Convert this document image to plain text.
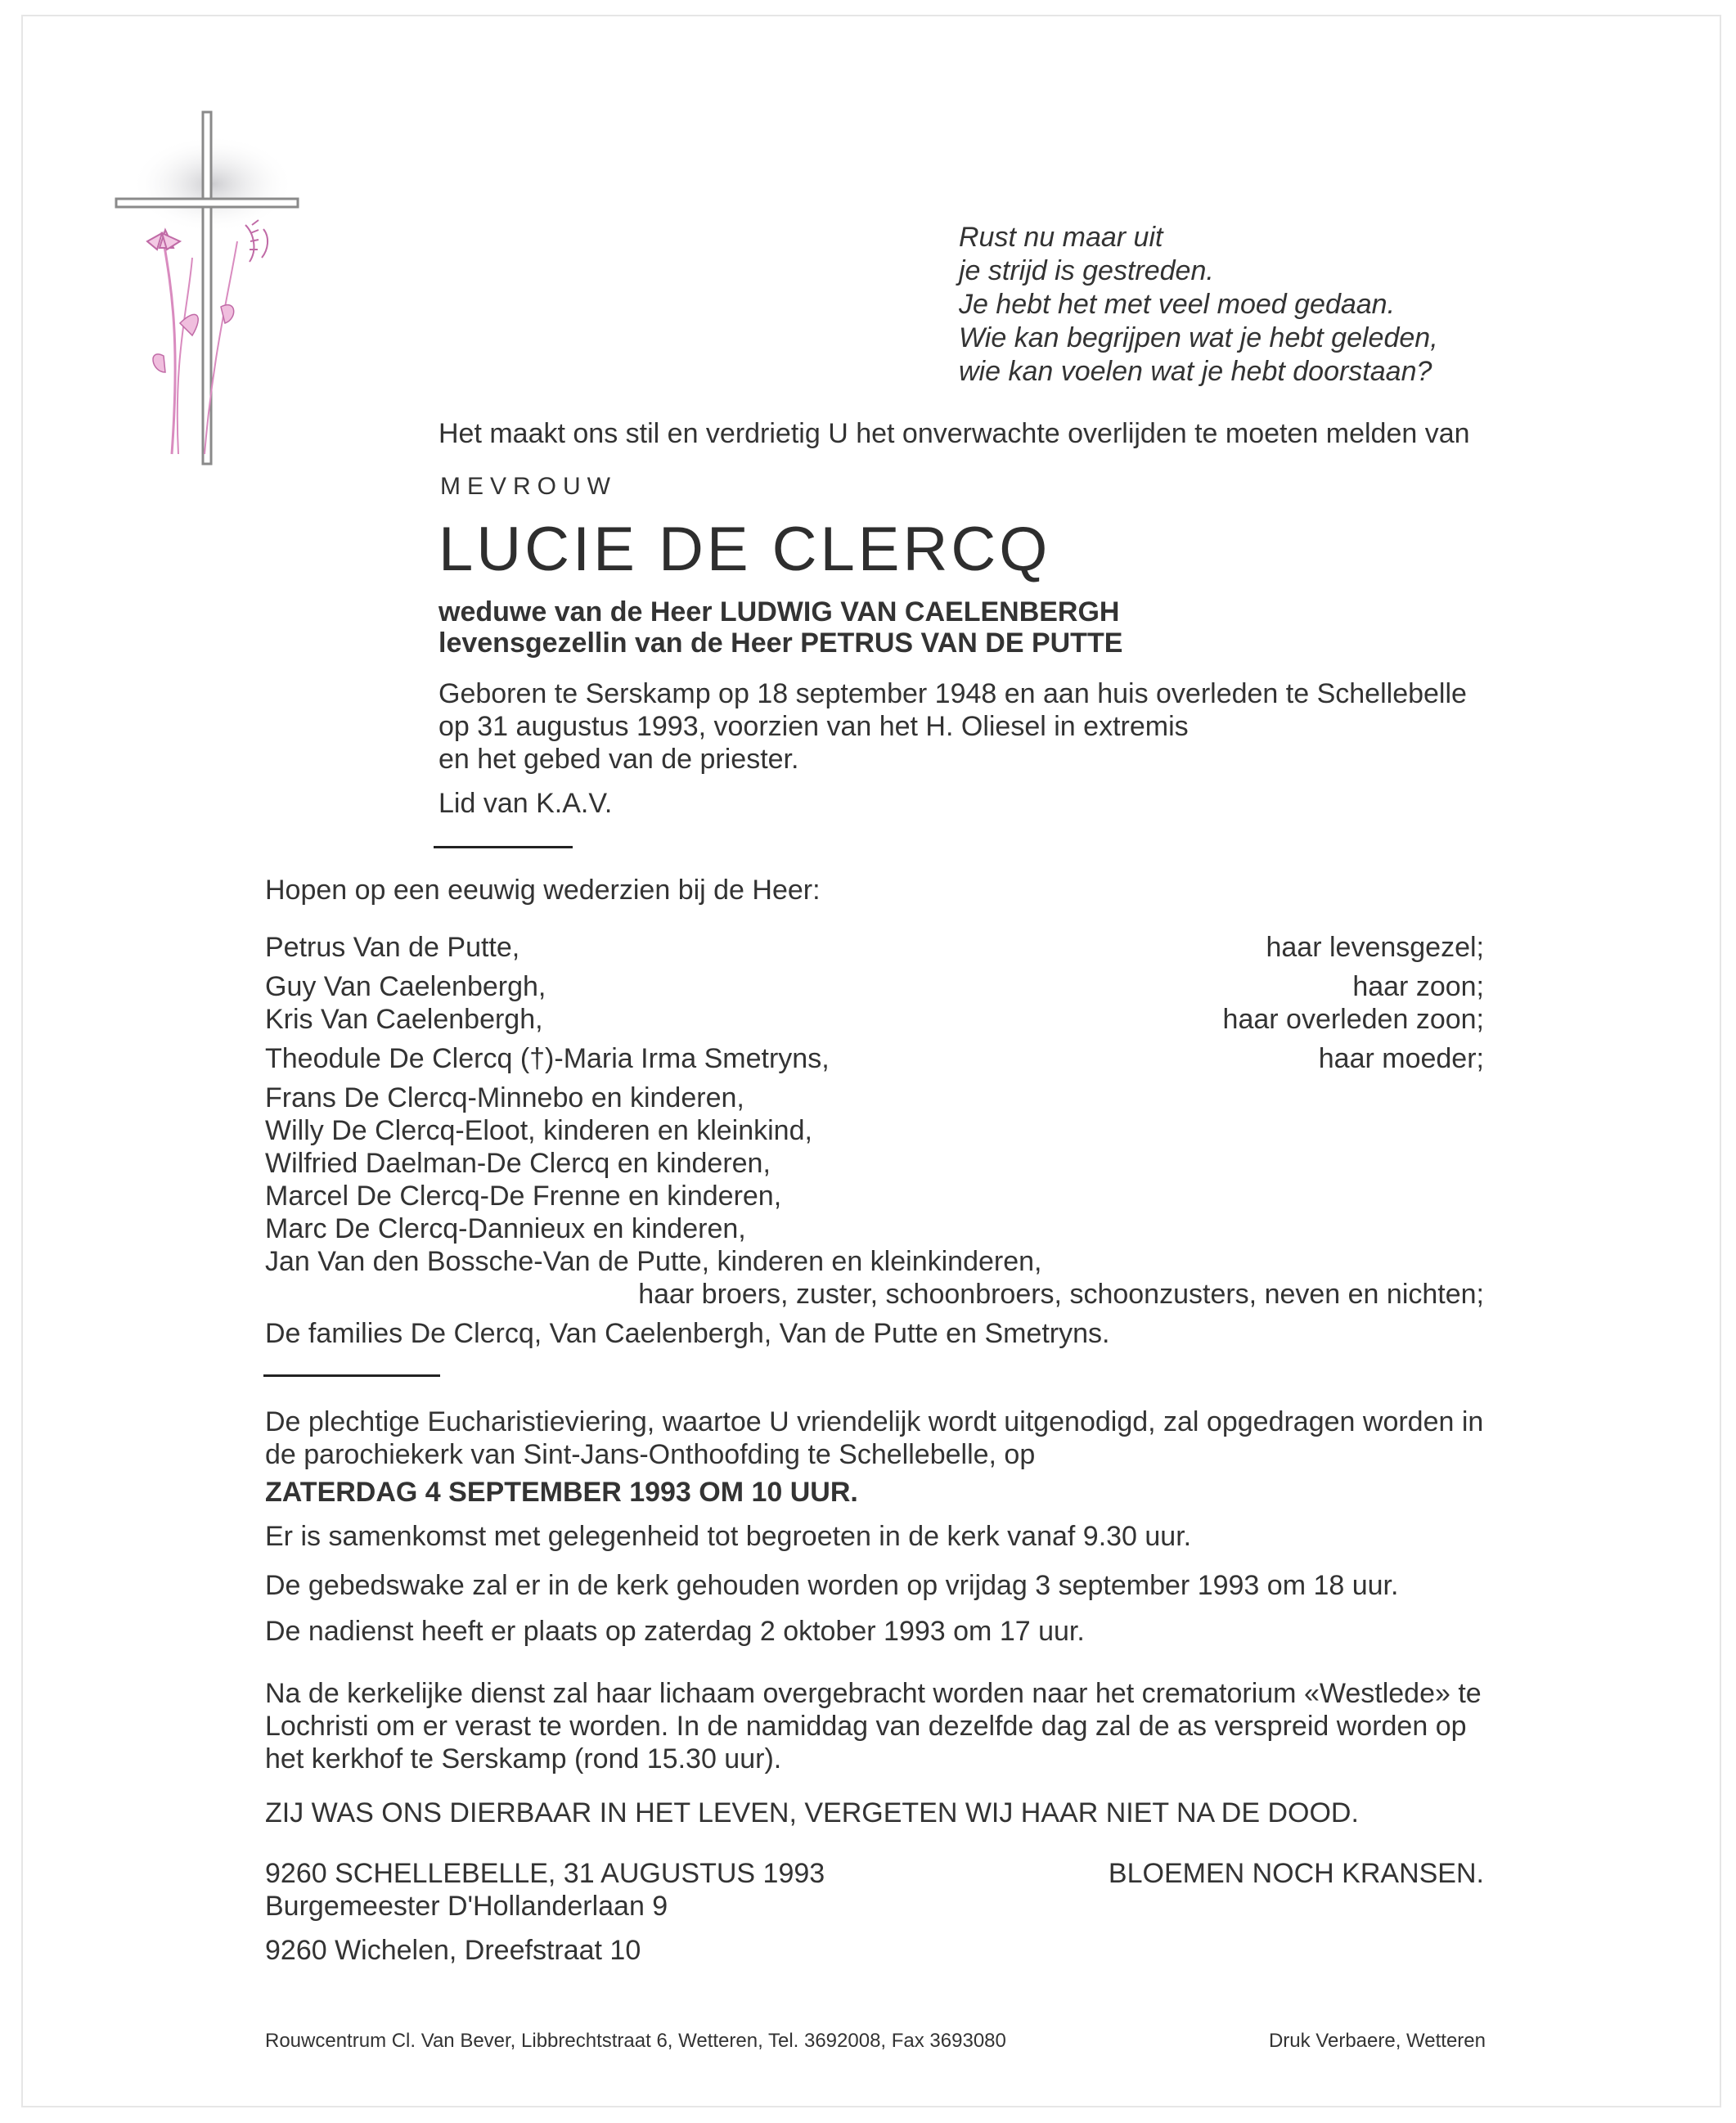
Rust nu maar uit
je strijd is gestreden.
Je hebt het met veel moed gedaan.
Wie kan begrijpen wat je hebt geleden,
wie kan voelen wat je hebt doorstaan?
Het maakt ons stil en verdrietig U het onverwachte overlijden te moeten melden van
MEVROUW
LUCIE DE CLERCQ
weduwe van de Heer LUDWIG VAN CAELENBERGH
levensgezellin van de Heer PETRUS VAN DE PUTTE
Geboren te Serskamp op 18 september 1948 en aan huis overleden te Schellebelle
op 31 augustus 1993, voorzien van het H. Oliesel in extremis
en het gebed van de priester.
Lid van K.A.V.
Hopen op een eeuwig wederzien bij de Heer:
Petrus Van de Putte,	haar levensgezel;
Guy Van Caelenbergh,	haar zoon;
Kris Van Caelenbergh,	haar overleden zoon;
Theodule De Clercq (†)-Maria Irma Smetryns,	haar moeder;
Frans De Clercq-Minnebo en kinderen,
Willy De Clercq-Eloot, kinderen en kleinkind,
Wilfried Daelman-De Clercq en kinderen,
Marcel De Clercq-De Frenne en kinderen,
Marc De Clercq-Dannieux en kinderen,
Jan Van den Bossche-Van de Putte, kinderen en kleinkinderen,
haar broers, zuster, schoonbroers, schoonzusters, neven en nichten;
De families De Clercq, Van Caelenbergh, Van de Putte en Smetryns.
De plechtige Eucharistieviering, waartoe U vriendelijk wordt uitgenodigd, zal opgedragen worden in
de parochiekerk van Sint-Jans-Onthoofding te Schellebelle, op
ZATERDAG 4 SEPTEMBER 1993 OM 10 UUR.
Er is samenkomst met gelegenheid tot begroeten in de kerk vanaf 9.30 uur.
De gebedswake zal er in de kerk gehouden worden op vrijdag 3 september 1993 om 18 uur.
De nadienst heeft er plaats op zaterdag 2 oktober 1993 om 17 uur.
Na de kerkelijke dienst zal haar lichaam overgebracht worden naar het crematorium «Westlede» te
Lochristi om er verast te worden. In de namiddag van dezelfde dag zal de as verspreid worden op
het kerkhof te Serskamp (rond 15.30 uur).
ZIJ WAS ONS DIERBAAR IN HET LEVEN, VERGETEN WIJ HAAR NIET NA DE DOOD.
9260 SCHELLEBELLE, 31 AUGUSTUS 1993	BLOEMEN NOCH KRANSEN.
Burgemeester D'Hollanderlaan 9
9260 Wichelen, Dreefstraat 10
Rouwcentrum Cl. Van Bever, Libbrechtstraat 6, Wetteren, Tel. 3692008, Fax 3693080	Druk Verbaere, Wetteren
